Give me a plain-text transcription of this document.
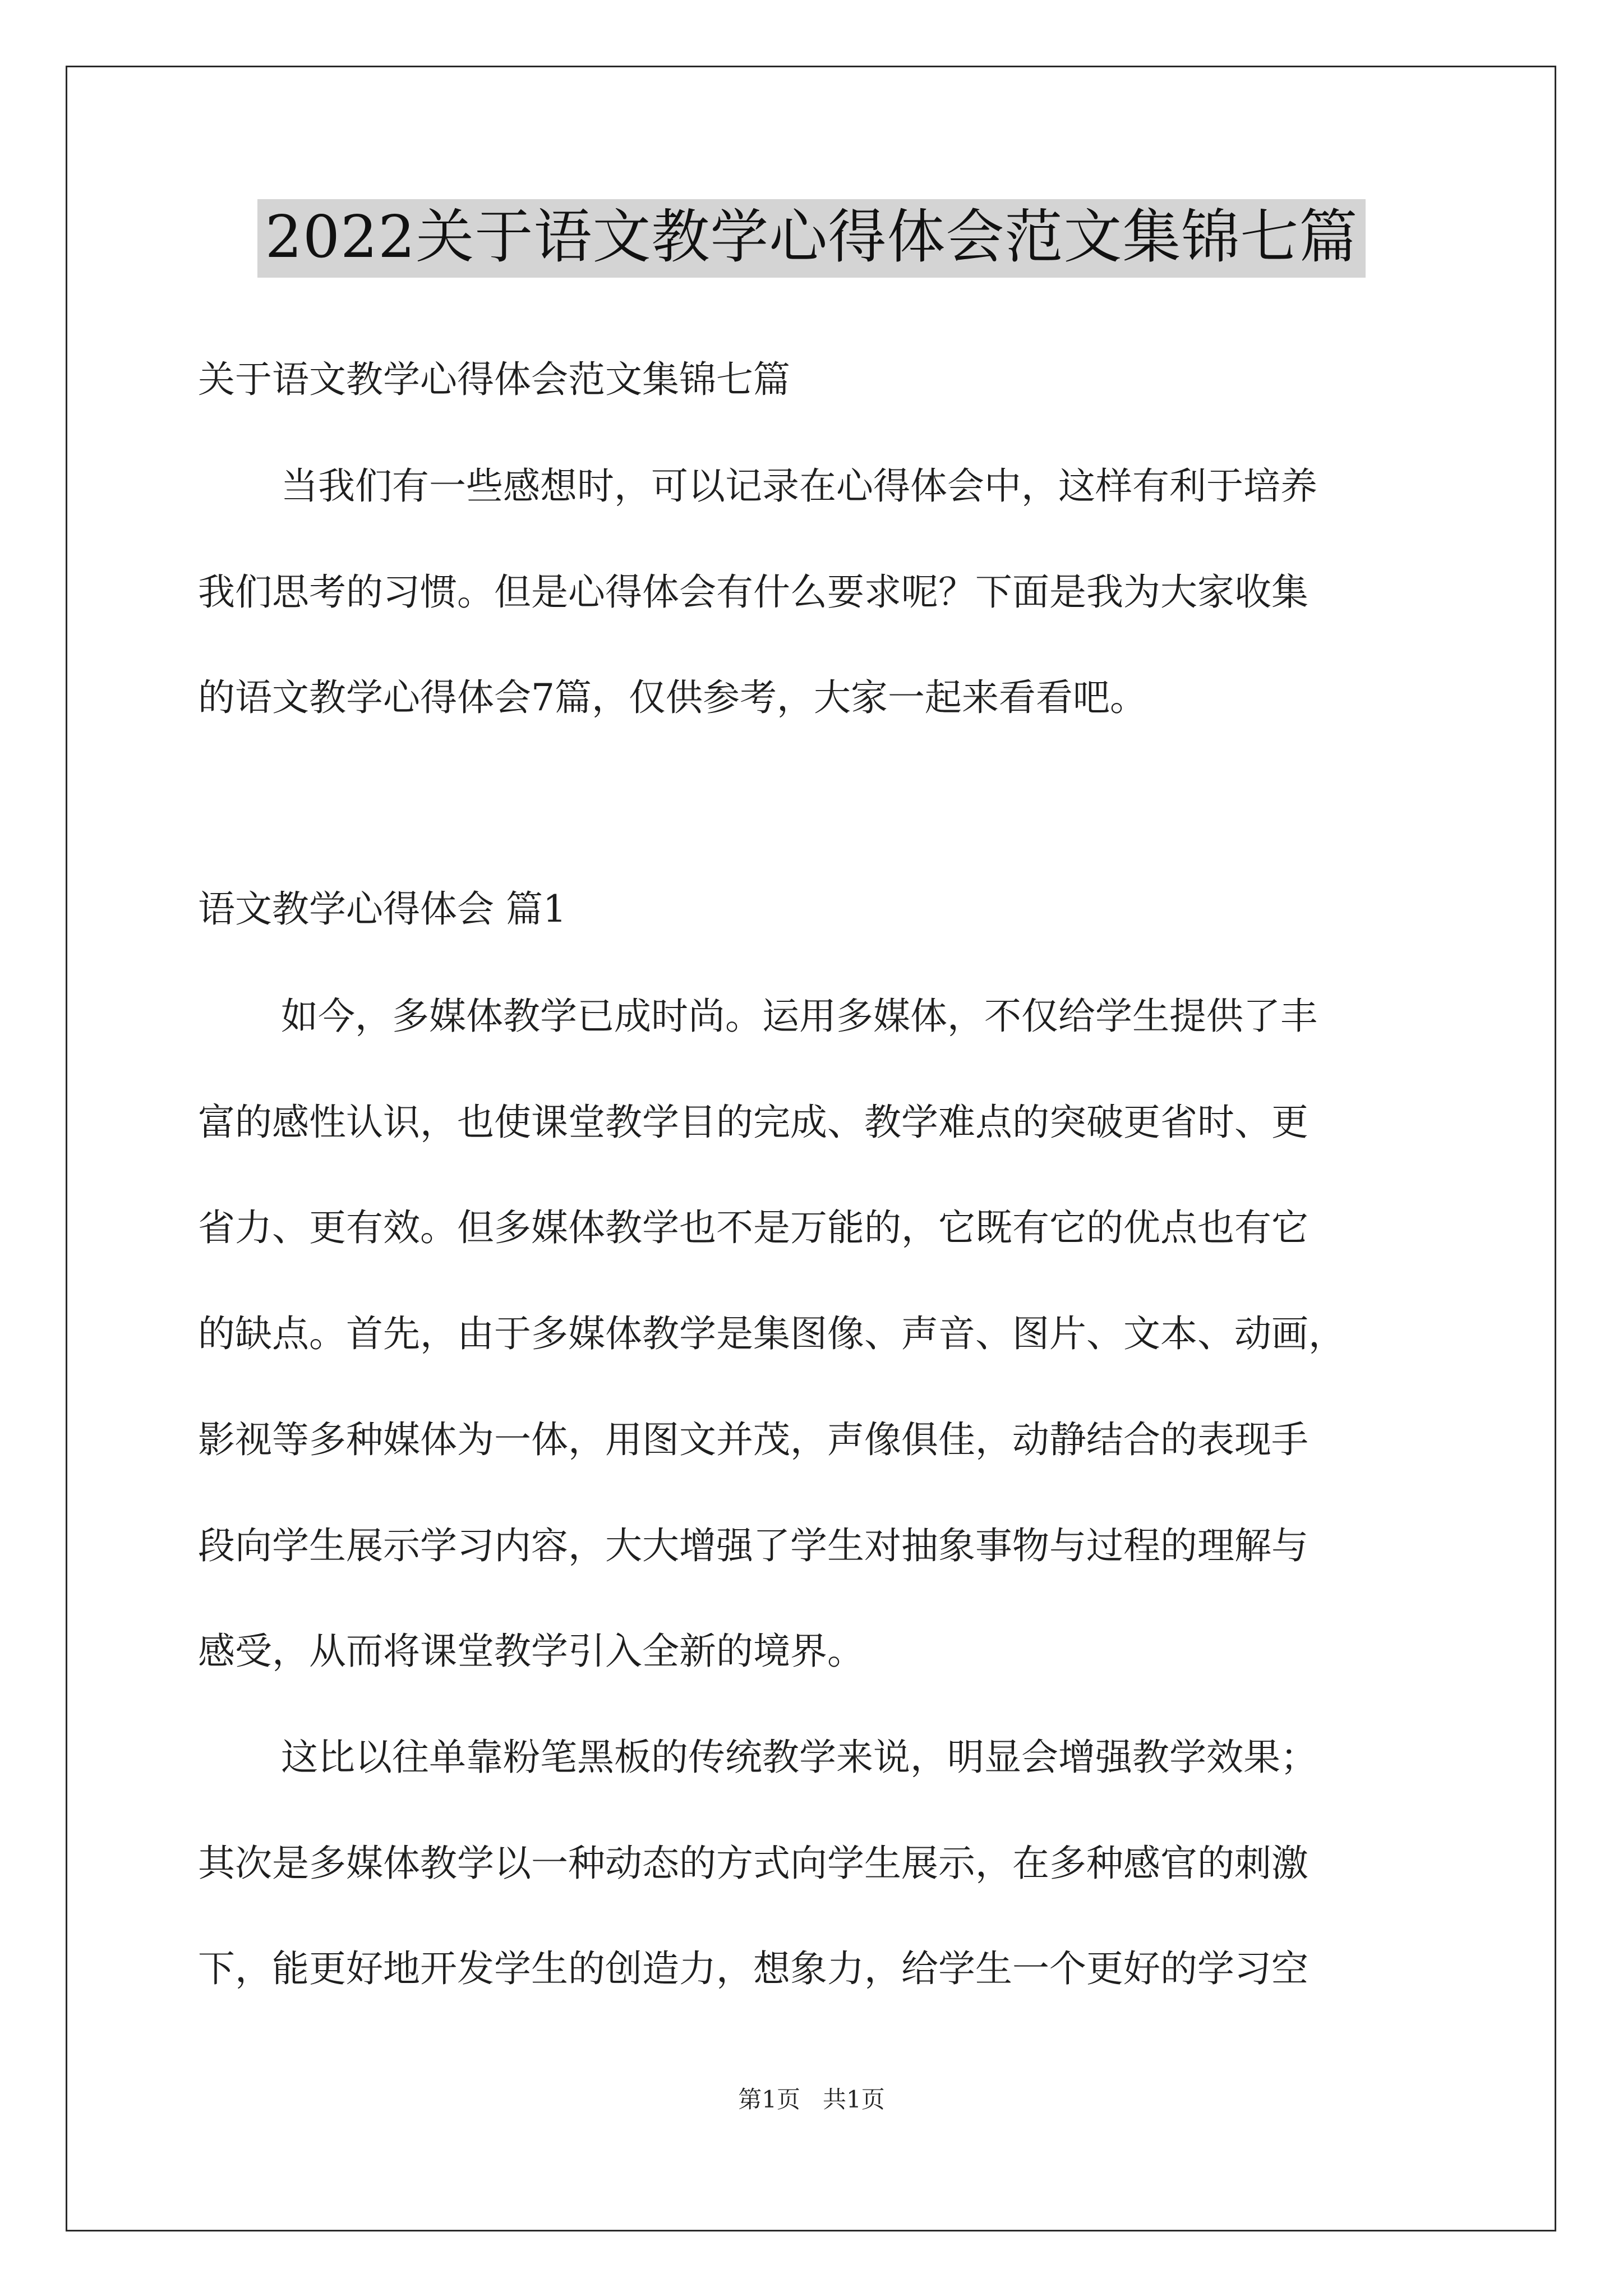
2022关于语文教学心得体会范文集锦七篇
关于语文教学心得体会范文集锦七篇
当我们有一些感想时，可以记录在心得体会中，这样有利于培养
我们思考的习惯。但是心得体会有什么要求呢？下面是我为大家收集
的语文教学心得体会7篇，仅供参考，大家一起来看看吧。
语文教学心得体会 篇1
如今，多媒体教学已成时尚。运用多媒体，不仅给学生提供了丰
富的感性认识，也使课堂教学目的完成、教学难点的突破更省时、更
省力、更有效。但多媒体教学也不是万能的，它既有它的优点也有它
的缺点。首先，由于多媒体教学是集图像、声音、图片、文本、动画，
影视等多种媒体为一体，用图文并茂，声像俱佳，动静结合的表现手
段向学生展示学习内容，大大增强了学生对抽象事物与过程的理解与
感受，从而将课堂教学引入全新的境界。
这比以往单靠粉笔黑板的传统教学来说，明显会增强教学效果；
其次是多媒体教学以一种动态的方式向学生展示，在多种感官的刺激
下，能更好地开发学生的创造力，想象力，给学生一个更好的学习空
第1页   共1页
